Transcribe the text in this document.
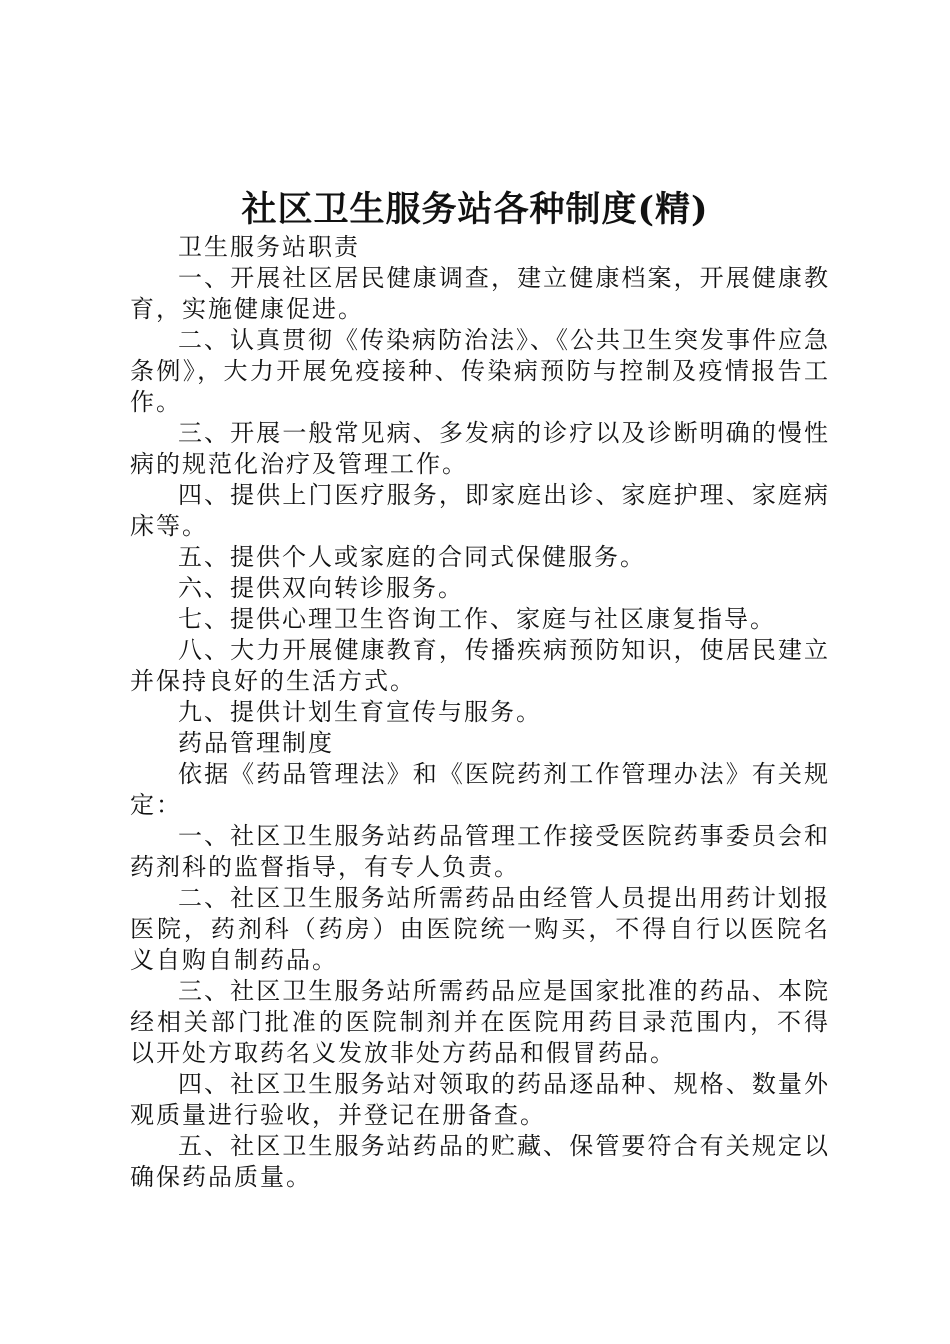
社区卫生服务站各种制度(精)

卫生服务站职责

一、开展社区居民健康调查，建立健康档案，开展健康教育，实施健康促进。

二、认真贯彻《传染病防治法》、《公共卫生突发事件应急条例》，大力开展免疫接种、传染病预防与控制及疫情报告工作。

三、开展一般常见病、多发病的诊疗以及诊断明确的慢性病的规范化治疗及管理工作。

四、提供上门医疗服务，即家庭出诊、家庭护理、家庭病床等。

五、提供个人或家庭的合同式保健服务。

六、提供双向转诊服务。

七、提供心理卫生咨询工作、家庭与社区康复指导。

八、大力开展健康教育，传播疾病预防知识，使居民建立并保持良好的生活方式。

九、提供计划生育宣传与服务。

药品管理制度

依据《药品管理法》和《医院药剂工作管理办法》有关规定：

一、社区卫生服务站药品管理工作接受医院药事委员会和药剂科的监督指导，有专人负责。

二、社区卫生服务站所需药品由经管人员提出用药计划报医院，药剂科（药房）由医院统一购买，不得自行以医院名义自购自制药品。

三、社区卫生服务站所需药品应是国家批准的药品、本院经相关部门批准的医院制剂并在医院用药目录范围内，不得以开处方取药名义发放非处方药品和假冒药品。

四、社区卫生服务站对领取的药品逐品种、规格、数量外观质量进行验收，并登记在册备查。

五、社区卫生服务站药品的贮藏、保管要符合有关规定以确保药品质量。
